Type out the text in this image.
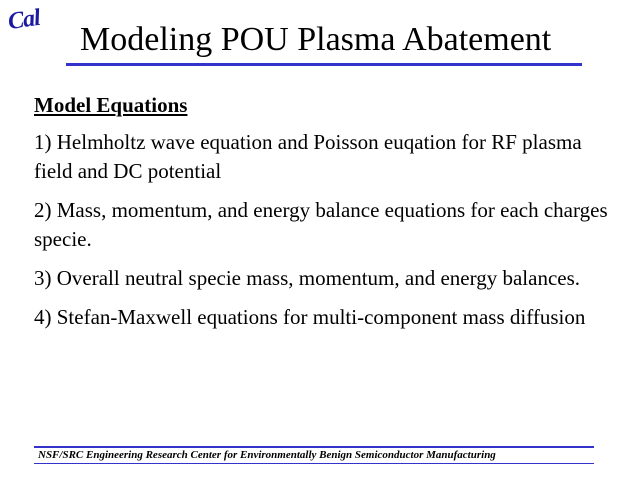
Cal
Modeling POU Plasma Abatement
Model Equations
1) Helmholtz wave equation and Poisson euqation for RF plasma field and DC potential
2) Mass, momentum, and energy balance equations for each charges specie.
3) Overall neutral specie mass, momentum, and energy balances.
4) Stefan-Maxwell equations for multi-component mass diffusion
NSF/SRC Engineering Research Center for Environmentally Benign Semiconductor Manufacturing
